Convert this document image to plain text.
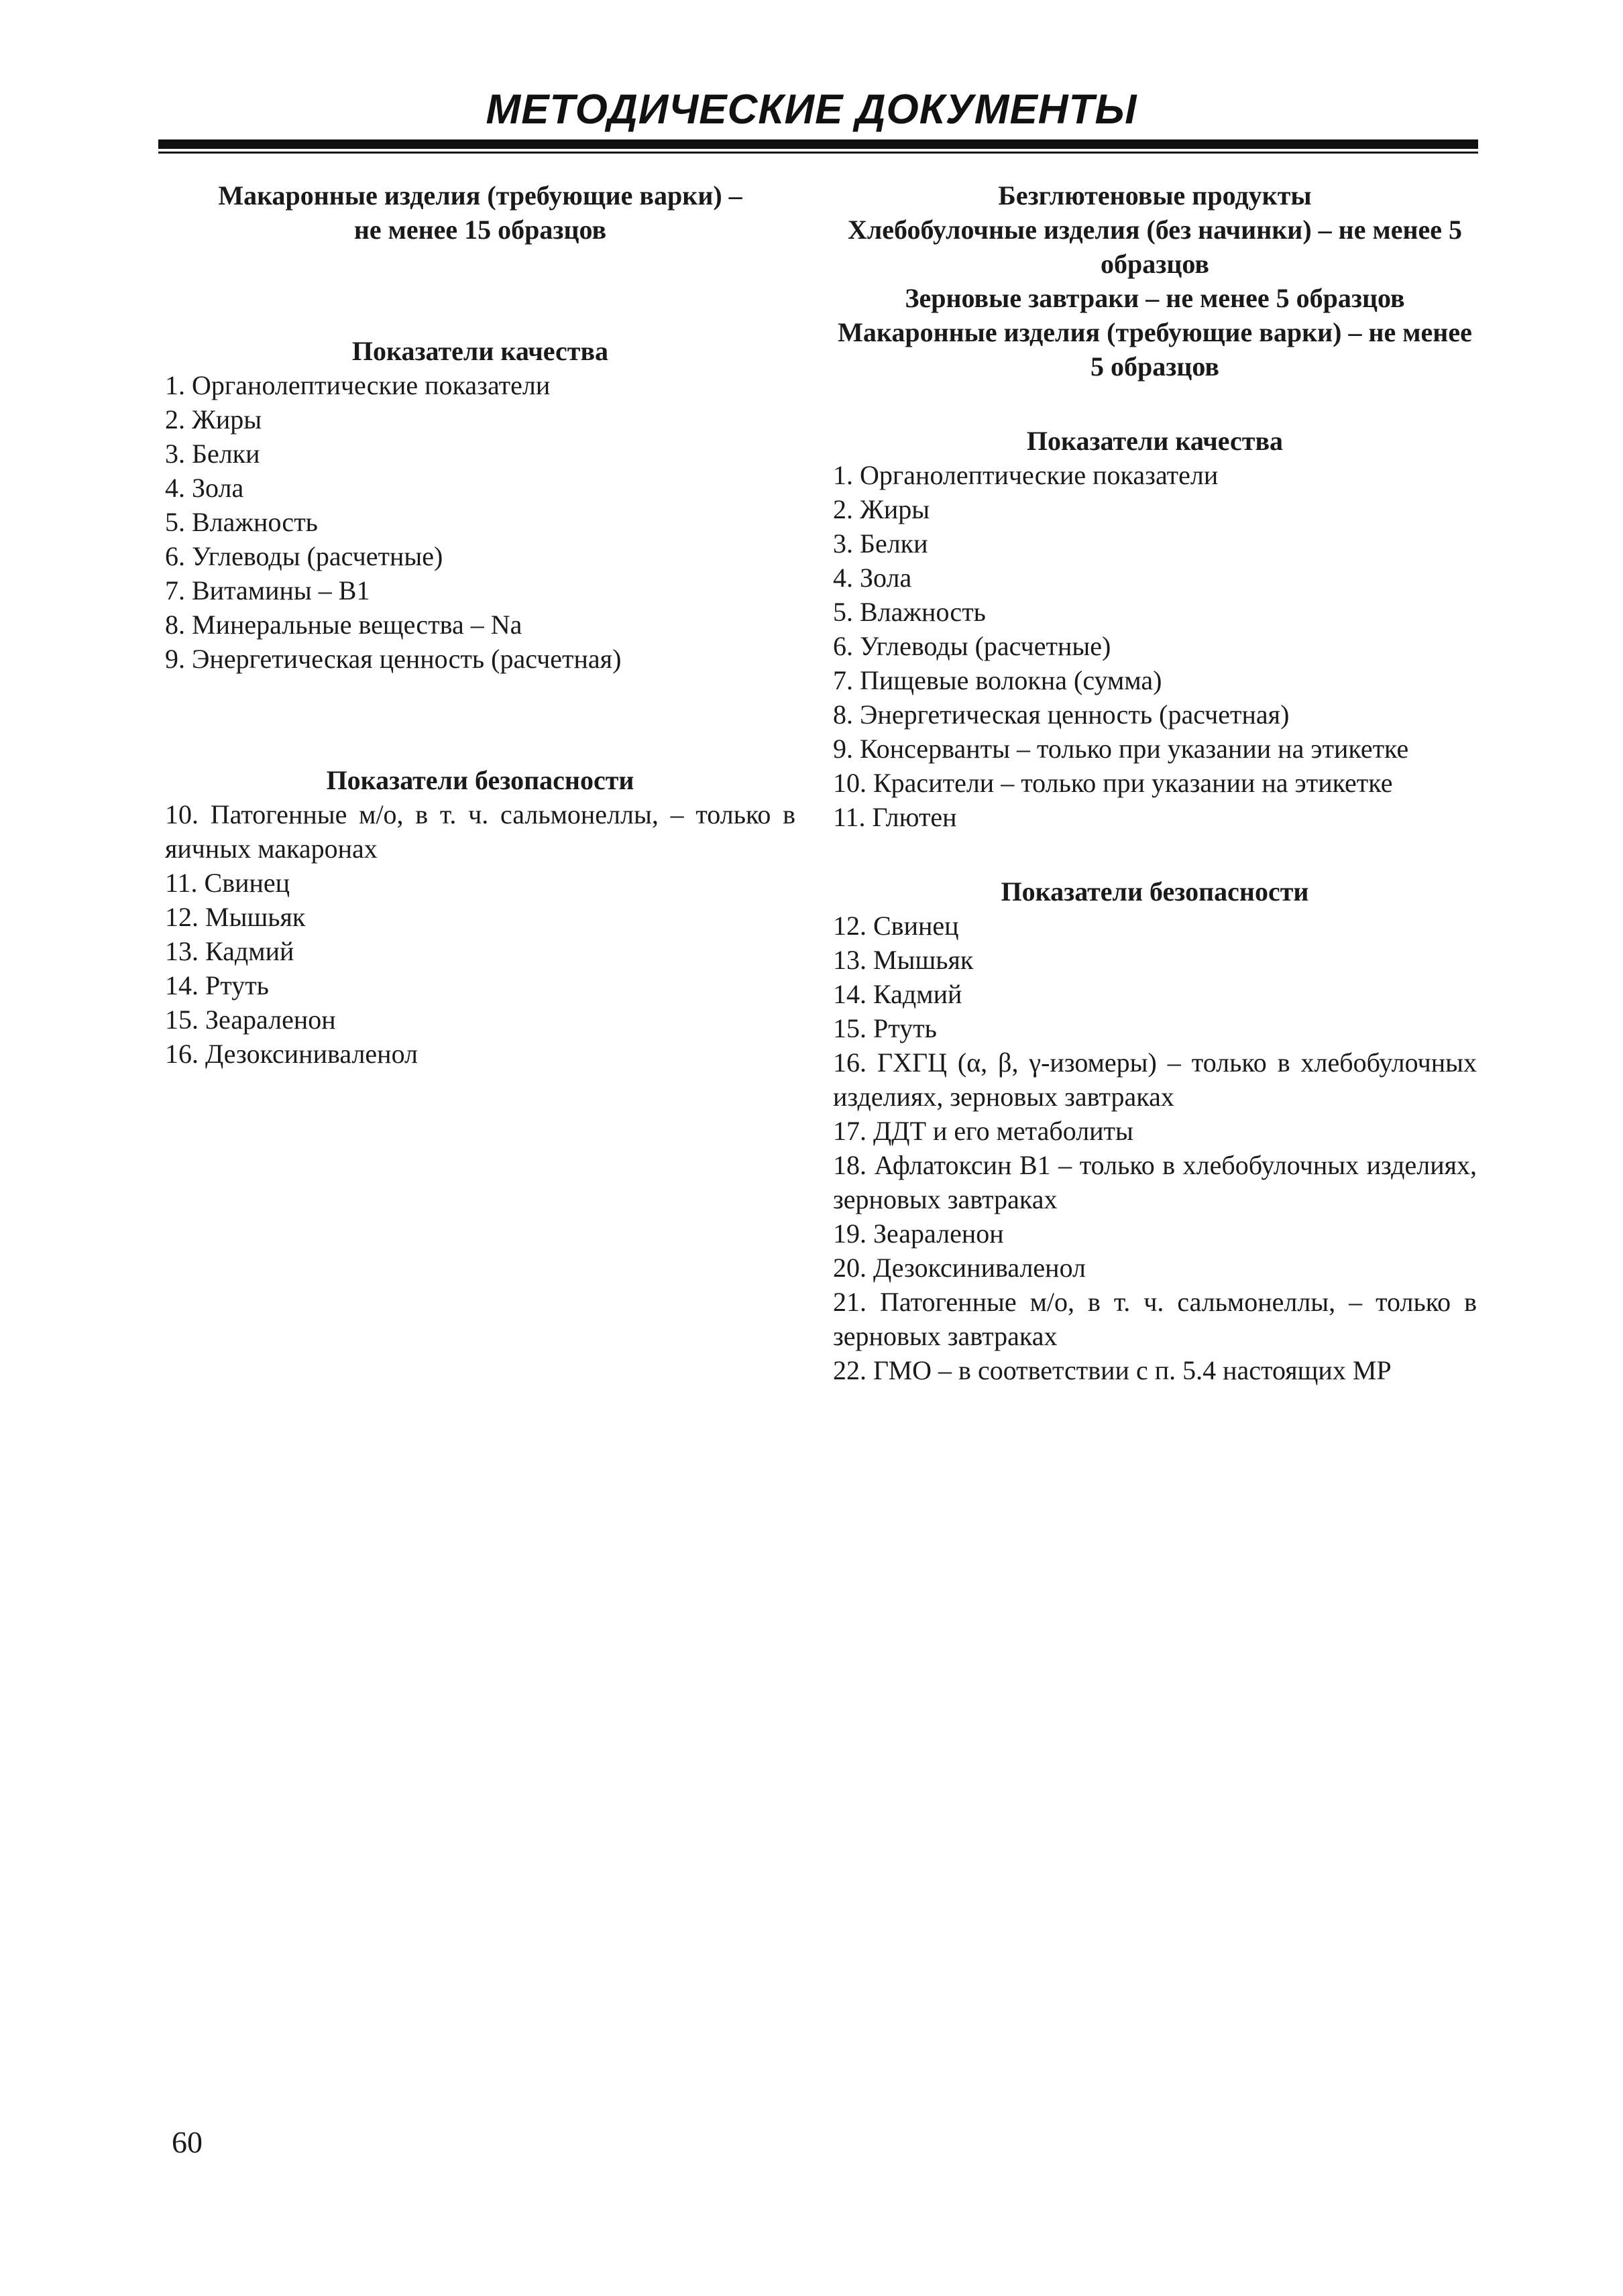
МЕТОДИЧЕСКИЕ ДОКУМЕНТЫ
Макаронные изделия (требующие варки) –
не менее 15 образцов
Показатели качества
1. Органолептические показатели
2. Жиры
3. Белки
4. Зола
5. Влажность
6. Углеводы (расчетные)
7. Витамины – B1
8. Минеральные вещества – Na
9. Энергетическая ценность (расчетная)
Показатели безопасности
10. Патогенные м/о, в т. ч. сальмонеллы, – только в яичных макаронах
11. Свинец
12. Мышьяк
13. Кадмий
14. Ртуть
15. Зеараленон
16. Дезоксиниваленол
Безглютеновые продукты
Хлебобулочные изделия (без начинки) – не менее 5 образцов
Зерновые завтраки – не менее 5 образцов
Макаронные изделия (требующие варки) – не менее 5 образцов
Показатели качества
1. Органолептические показатели
2. Жиры
3. Белки
4. Зола
5. Влажность
6. Углеводы (расчетные)
7. Пищевые волокна (сумма)
8. Энергетическая ценность (расчетная)
9. Консерванты – только при указании на этикетке
10. Красители – только при указании на этикетке
11. Глютен
Показатели безопасности
12. Свинец
13. Мышьяк
14. Кадмий
15. Ртуть
16. ГХГЦ (α, β, γ-изомеры) – только в хлебобулочных изделиях, зерновых завтраках
17. ДДТ и его метаболиты
18. Афлатоксин B1 – только в хлебобулочных изделиях, зерновых завтраках
19. Зеараленон
20. Дезоксиниваленол
21. Патогенные м/о, в т. ч. сальмонеллы, – только в зерновых завтраках
22. ГМО – в соответствии с п. 5.4 настоящих МР
60
